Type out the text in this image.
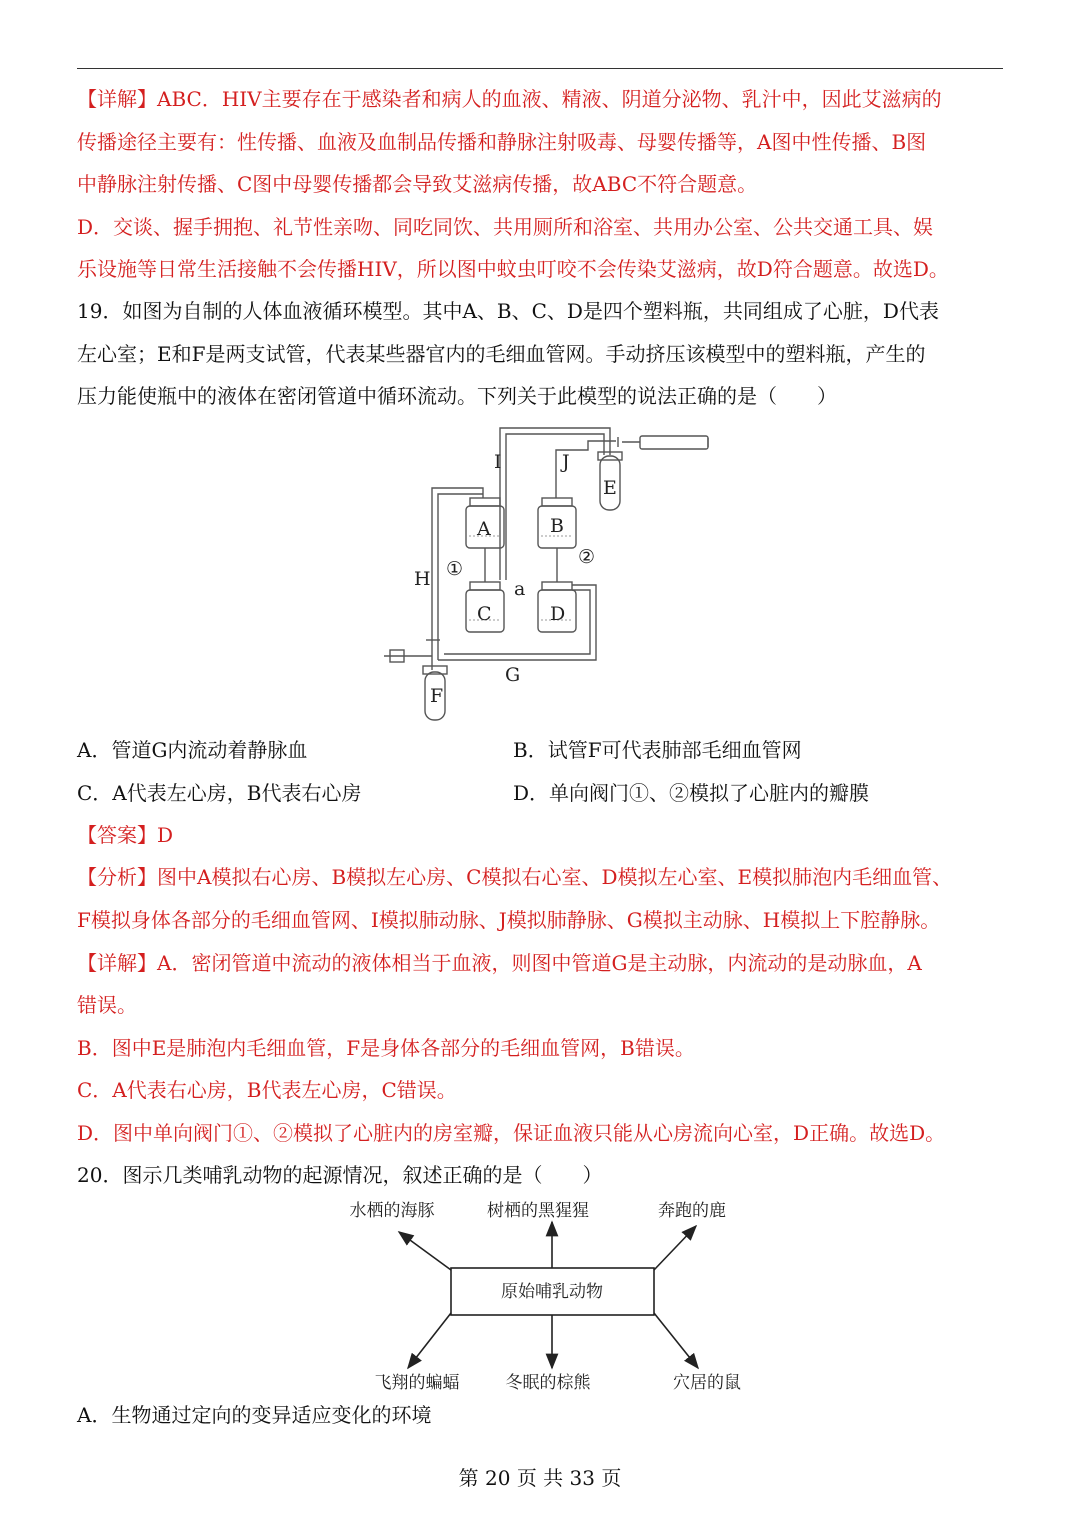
【详解】ABC．HIV主要存在于感染者和病人的血液、精液、阴道分泌物、乳汁中，因此艾滋病的
传播途径主要有：性传播、血液及血制品传播和静脉注射吸毒、母婴传播等，A图中性传播、B图
中静脉注射传播、C图中母婴传播都会导致艾滋病传播，故ABC不符合题意。
D．交谈、握手拥抱、礼节性亲吻、同吃同饮、共用厕所和浴室、共用办公室、公共交通工具、娱
乐设施等日常生活接触不会传播HIV，所以图中蚊虫叮咬不会传染艾滋病，故D符合题意。故选D。
19．如图为自制的人体血液循环模型。其中A、B、C、D是四个塑料瓶，共同组成了心脏，D代表
左心室；E和F是两支试管，代表某些器官内的毛细血管网。手动挤压该模型中的塑料瓶，产生的
压力能使瓶中的液体在密闭管道中循环流动。下列关于此模型的说法正确的是（　　）
I	J
E
A	B
①
②
a
H
C	D
G
F
A．管道G内流动着静脉血	B．试管F可代表肺部毛细血管网
C．A代表左心房，B代表右心房	D．单向阀门①、②模拟了心脏内的瓣膜
【答案】D
【分析】图中A模拟右心房、B模拟左心房、C模拟右心室、D模拟左心室、E模拟肺泡内毛细血管、
F模拟身体各部分的毛细血管网、I模拟肺动脉、J模拟肺静脉、G模拟主动脉、H模拟上下腔静脉。
【详解】A．密闭管道中流动的液体相当于血液，则图中管道G是主动脉，内流动的是动脉血，A
错误。
B．图中E是肺泡内毛细血管，F是身体各部分的毛细血管网，B错误。
C．A代表右心房，B代表左心房，C错误。
D．图中单向阀门①、②模拟了心脏内的房室瓣，保证血液只能从心房流向心室，D正确。故选D。
20．图示几类哺乳动物的起源情况，叙述正确的是（　　）
原始哺乳动物
水栖的海豚	树栖的黑猩猩	奔跑的鹿
飞翔的蝙蝠	冬眠的棕熊	穴居的鼠
A．生物通过定向的变异适应变化的环境
第 20 页 共 33 页
